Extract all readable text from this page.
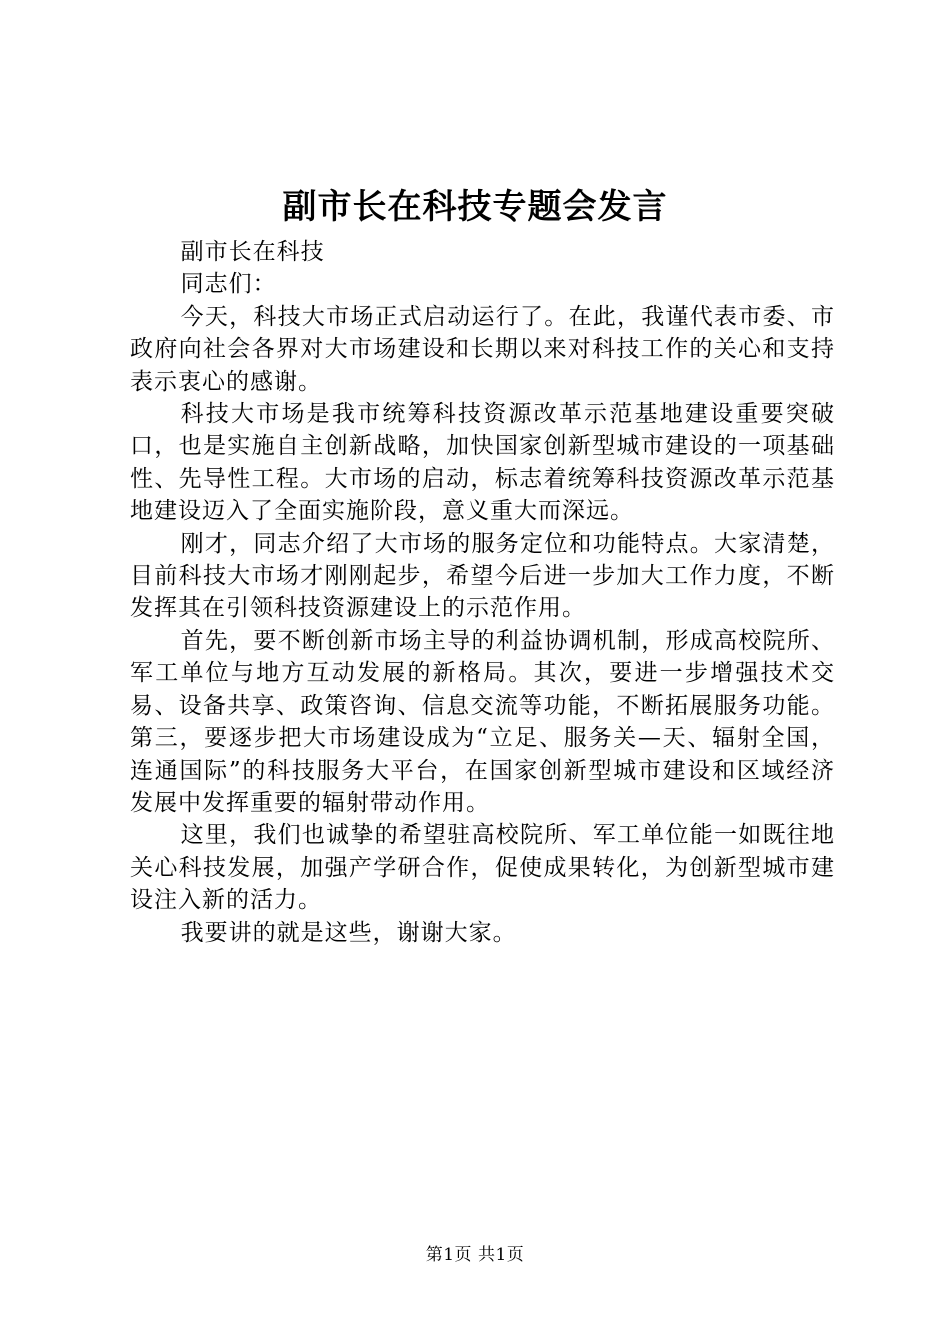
副市长在科技专题会发言

副市长在科技

同志们：

今天，科技大市场正式启动运行了。在此，我谨代表市委、市政府向社会各界对大市场建设和长期以来对科技工作的关心和支持表示衷心的感谢。

科技大市场是我市统筹科技资源改革示范基地建设重要突破口，也是实施自主创新战略，加快国家创新型城市建设的一项基础性、先导性工程。大市场的启动，标志着统筹科技资源改革示范基地建设迈入了全面实施阶段，意义重大而深远。

刚才，同志介绍了大市场的服务定位和功能特点。大家清楚，目前科技大市场才刚刚起步，希望今后进一步加大工作力度，不断发挥其在引领科技资源建设上的示范作用。

首先，要不断创新市场主导的利益协调机制，形成高校院所、军工单位与地方互动发展的新格局。其次，要进一步增强技术交易、设备共享、政策咨询、信息交流等功能，不断拓展服务功能。第三，要逐步把大市场建设成为“立足、服务关—天、辐射全国，连通国际”的科技服务大平台，在国家创新型城市建设和区域经济发展中发挥重要的辐射带动作用。

这里，我们也诚挚的希望驻高校院所、军工单位能一如既往地关心科技发展，加强产学研合作，促使成果转化，为创新型城市建设注入新的活力。

我要讲的就是这些，谢谢大家。

第1页 共1页
